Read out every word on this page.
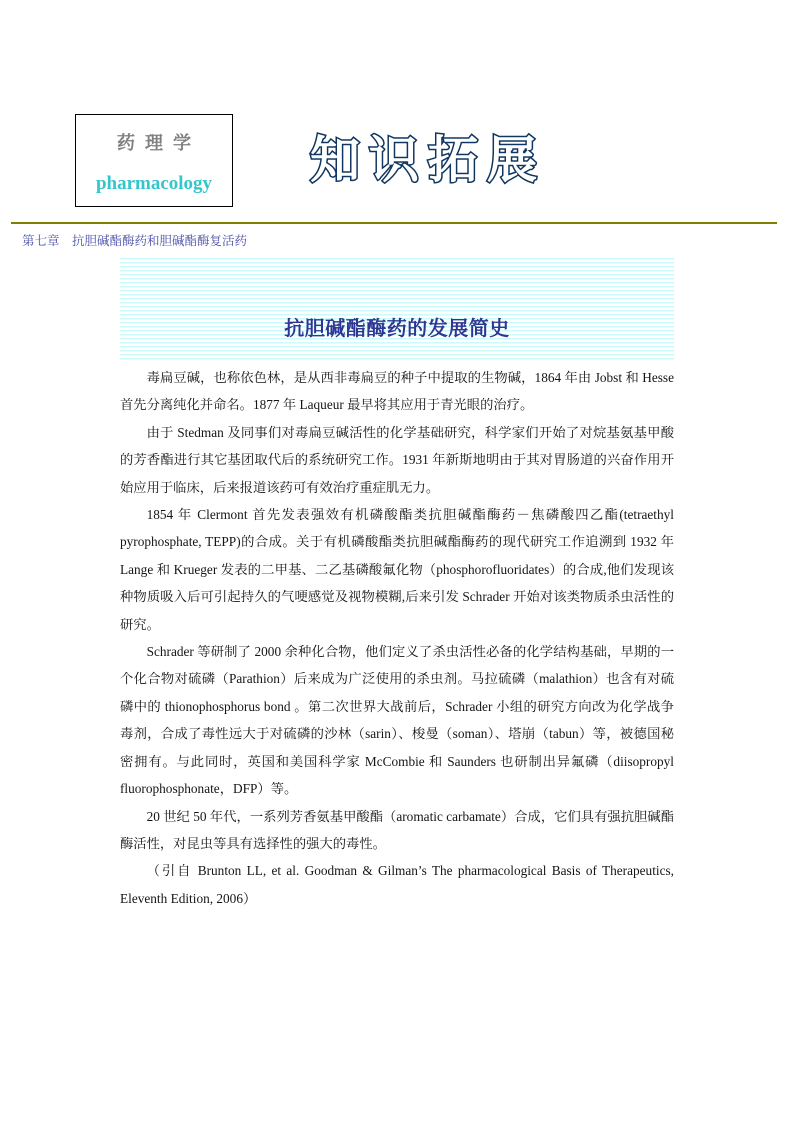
药理学
pharmacology	知识拓展
第七章　抗胆碱酯酶药和胆碱酯酶复活药
抗胆碱酯酶药的发展简史

毒扁豆碱，也称依色林，是从西非毒扁豆的种子中提取的生物碱，1864 年由 Jobst 和 Hesse 首先分离纯化并命名。1877 年 Laqueur 最早将其应用于青光眼的治疗。

由于 Stedman 及同事们对毒扁豆碱活性的化学基础研究，科学家们开始了对烷基氨基甲酸的芳香酯进行其它基团取代后的系统研究工作。1931 年新斯地明由于其对胃肠道的兴奋作用开始应用于临床，后来报道该药可有效治疗重症肌无力。

1854 年 Clermont 首先发表强效有机磷酸酯类抗胆碱酯酶药－焦磷酸四乙酯(tetraethyl pyrophosphate, TEPP)的合成。关于有机磷酸酯类抗胆碱酯酶药的现代研究工作追溯到 1932 年 Lange 和 Krueger 发表的二甲基、二乙基磷酸氟化物（phosphorofluoridates）的合成,他们发现该种物质吸入后可引起持久的气哽感觉及视物模糊,后来引发 Schrader 开始对该类物质杀虫活性的研究。

Schrader 等研制了 2000 余种化合物，他们定义了杀虫活性必备的化学结构基础，早期的一个化合物对硫磷（Parathion）后来成为广泛使用的杀虫剂。马拉硫磷（malathion）也含有对硫磷中的 thionophosphorus bond 。第二次世界大战前后，Schrader 小组的研究方向改为化学战争毒剂，合成了毒性远大于对硫磷的沙林（sarin）、梭曼（soman）、塔崩（tabun）等，被德国秘密拥有。与此同时，英国和美国科学家 McCombie 和 Saunders 也研制出异氟磷（diisopropyl fluorophosphonate，DFP）等。

20 世纪 50 年代，一系列芳香氨基甲酸酯（aromatic carbamate）合成，它们具有强抗胆碱酯酶活性，对昆虫等具有选择性的强大的毒性。

（引自 Brunton LL, et al. Goodman & Gilman’s The pharmacological Basis of Therapeutics, Eleventh Edition, 2006）
